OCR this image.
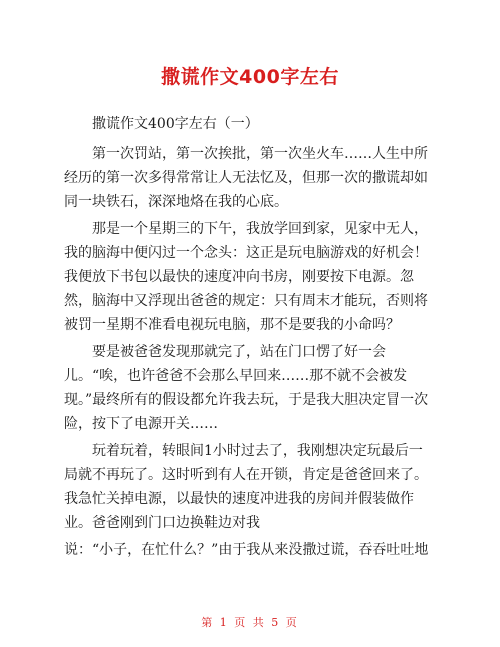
撒谎作文400字左右

撒谎作文400字左右（一）

第一次罚站，第一次挨批，第一次坐火车……人生中所经历的第一次多得常常让人无法忆及，但那一次的撒谎却如同一块铁石，深深地烙在我的心底。

那是一个星期三的下午，我放学回到家，见家中无人，我的脑海中便闪过一个念头：这正是玩电脑游戏的好机会！我便放下书包以最快的速度冲向书房，刚要按下电源。忽然，脑海中又浮现出爸爸的规定：只有周末才能玩，否则将被罚一星期不准看电视玩电脑，那不是要我的小命吗？

要是被爸爸发现那就完了，站在门口愣了好一会儿。“唉，也许爸爸不会那么早回来……那不就不会被发现。”最终所有的假设都允许我去玩，于是我大胆决定冒一次险，按下了电源开关……

玩着玩着，转眼间1小时过去了，我刚想决定玩最后一局就不再玩了。这时听到有人在开锁，肯定是爸爸回来了。我急忙关掉电源，以最快的速度冲进我的房间并假装做作业。爸爸刚到门口边换鞋边对我

说：“小子，在忙什么？”由于我从来没撒过谎，吞吞吐吐地

第 1 页 共 5 页
